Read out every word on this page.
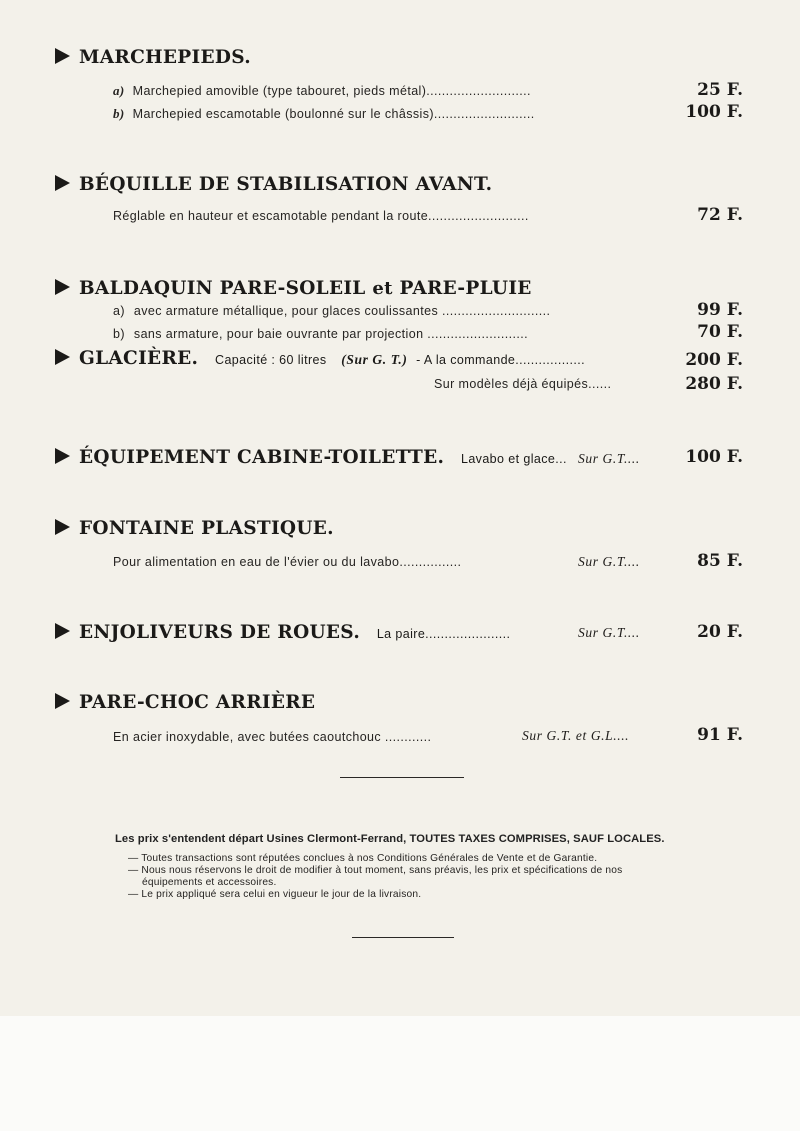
MARCHEPIEDS.
a) Marchepied amovible (type tabouret, pieds métal)...........................	25 F.
b) Marchepied escamotable (boulonné sur le châssis)..........................	100 F.
BÉQUILLE DE STABILISATION AVANT.
Réglable en hauteur et escamotable pendant la route..........................	72 F.
BALDAQUIN PARE-SOLEIL et PARE-PLUIE
a) avec armature métallique, pour glaces coulissantes ............................	99 F.
b) sans armature, pour baie ouvrante par projection ..........................	70 F.
GLACIÈRE. Capacité : 60 litres (Sur G. T.) - A la commande..................	200 F.
Sur modèles déjà équipés......	280 F.
ÉQUIPEMENT CABINE-TOILETTE. Lavabo et glace... Sur G.T....	100 F.
FONTAINE PLASTIQUE.
Pour alimentation en eau de l'évier ou du lavabo................	Sur G.T....	85 F.
ENJOLIVEURS DE ROUES. La paire......................	Sur G.T....	20 F.
PARE-CHOC ARRIÈRE
En acier inoxydable, avec butées caoutchouc ............	Sur G.T. et G.L....	91 F.
Les prix s'entendent départ Usines Clermont-Ferrand, TOUTES TAXES COMPRISES, SAUF LOCALES.
— Toutes transactions sont réputées conclues à nos Conditions Générales de Vente et de Garantie.
— Nous nous réservons le droit de modifier à tout moment, sans préavis, les prix et spécifications de nos
équipements et accessoires.
— Le prix appliqué sera celui en vigueur le jour de la livraison.
